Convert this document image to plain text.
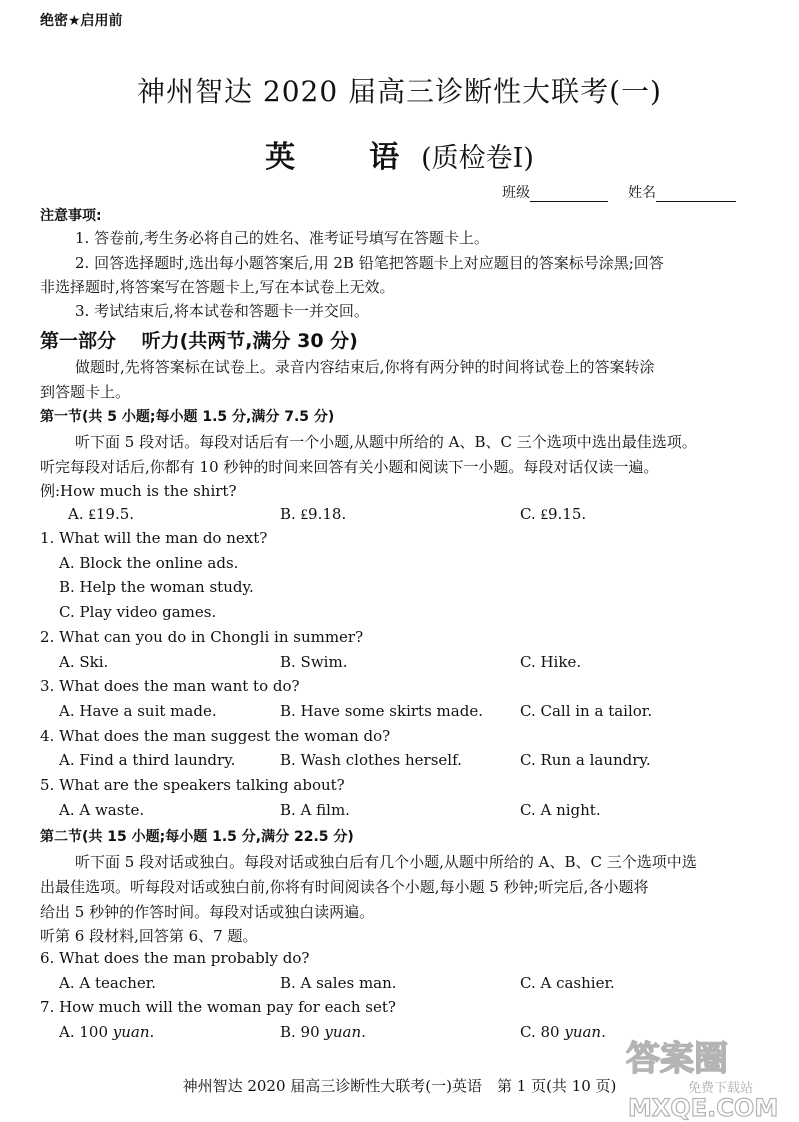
绝密★启用前
神州智达 2020 届高三诊断性大联考(一)
英　语(质检卷Ⅰ)
班级	姓名
注意事项:
1. 答卷前,考生务必将自己的姓名、准考证号填写在答题卡上。
2. 回答选择题时,选出每小题答案后,用 2B 铅笔把答题卡上对应题目的答案标号涂黑;回答
非选择题时,将答案写在答题卡上,写在本试卷上无效。
3. 考试结束后,将本试卷和答题卡一并交回。
第一部分　 听力(共两节,满分 30 分)
做题时,先将答案标在试卷上。录音内容结束后,你将有两分钟的时间将试卷上的答案转涂
到答题卡上。
第一节(共 5 小题;每小题 1.5 分,满分 7.5 分)
听下面 5 段对话。每段对话后有一个小题,从题中所给的 A、B、C 三个选项中选出最佳选项。
听完每段对话后,你都有 10 秒钟的时间来回答有关小题和阅读下一小题。每段对话仅读一遍。
例:How much is the shirt?
A. ₤19.5.	B. ₤9.18.	C. ₤9.15.
1. What will the man do next?
A. Block the online ads.
B. Help the woman study.
C. Play video games.
2. What can you do in Chongli in summer?
A. Ski.	B. Swim.	C. Hike.
3. What does the man want to do?
A. Have a suit made.	B. Have some skirts made. C. Call in a tailor.
4. What does the man suggest the woman do?
A. Find a third laundry.	B. Wash clothes herself.	C. Run a laundry.
5. What are the speakers talking about?
A. A waste.	B. A film.	C. A night.
第二节(共 15 小题;每小题 1.5 分,满分 22.5 分)
听下面 5 段对话或独白。每段对话或独白后有几个小题,从题中所给的 A、B、C 三个选项中选
出最佳选项。听每段对话或独白前,你将有时间阅读各个小题,每小题 5 秒钟;听完后,各小题将
给出 5 秒钟的作答时间。每段对话或独白读两遍。
听第 6 段材料,回答第 6、7 题。
6. What does the man probably do?
A. A teacher.	B. A sales man.	C. A cashier.
7. How much will the woman pay for each set?
A. 100 yuan.	B. 90 yuan.	C. 80 yuan.
神州智达 2020 届高三诊断性大联考(一)英语　第 1 页(共 10 页)
答案圈
免费下载站
MXQE.COM
